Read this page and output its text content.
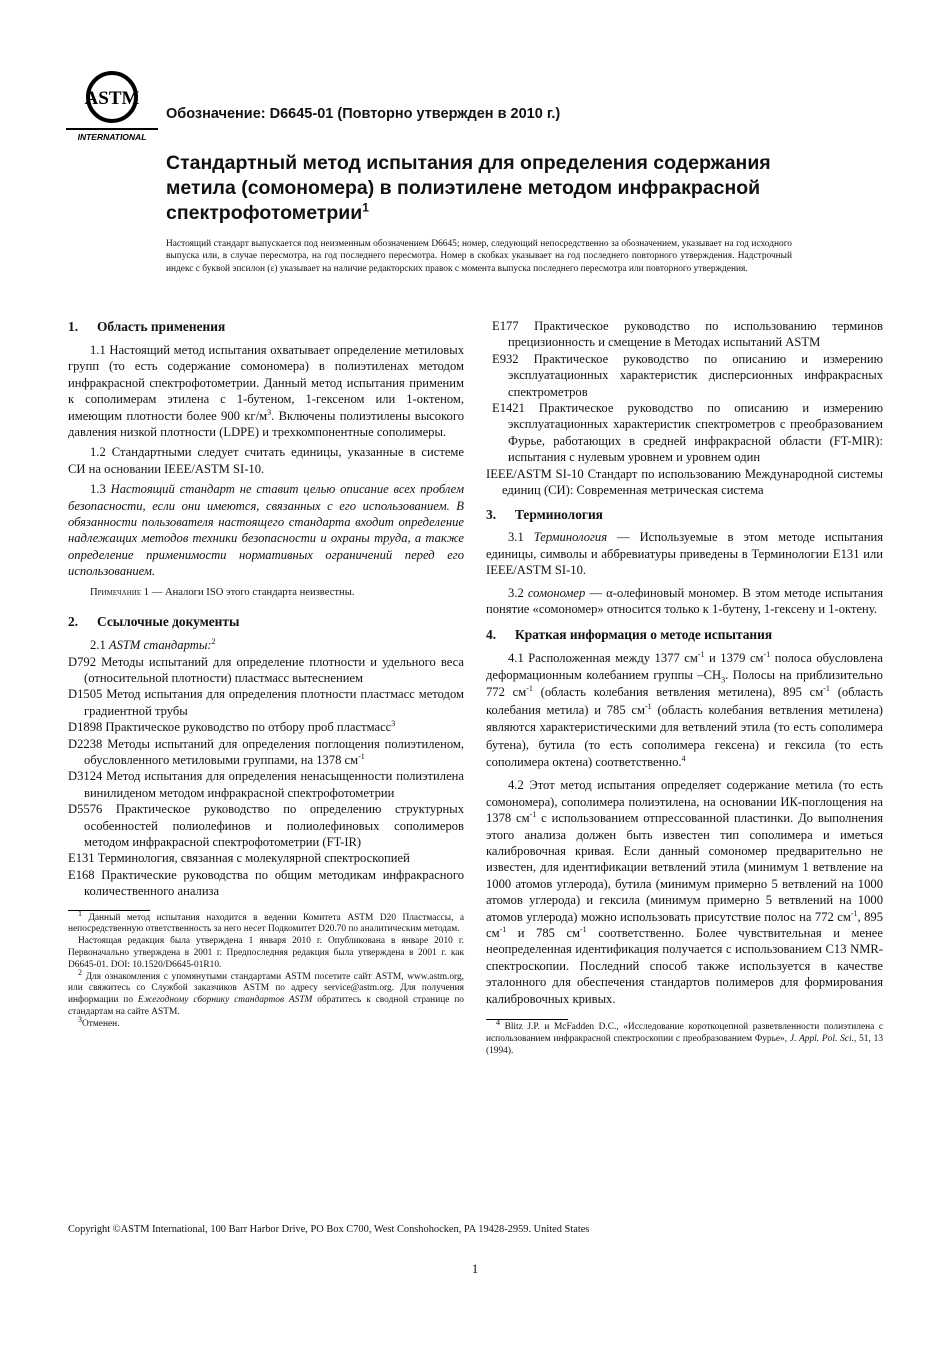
ASTM
INTERNATIONAL
Обозначение: D6645-01 (Повторно утвержден в 2010 г.)
Стандартный метод испытания для определения содержания метила (сомономера) в полиэтилене методом инфракрасной спектрофотометрии$^1$

Настоящий стандарт выпускается под неизменным обозначением D6645; номер, следующий непосредственно за обозначением, указывает на год исходного выпуска или, в случае пересмотра, на год последнего пересмотра. Номер в скобках указывает на год последнего повторного утверждения. Надстрочный индекс с буквой эпсилон (ε) указывает на наличие редакторских правок с момента выпуска последнего пересмотра или повторного утверждения.

1. Область применения

1.1 Настоящий метод испытания охватывает определение метиловых групп (то есть содержание сомономера) в полиэтиленах методом инфракрасной спектрофотометрии. Данный метод испытания применим к сополимерам этилена с 1-бутеном, 1-гексеном или 1-октеном, имеющим плотности более 900 $кг/м^3$. Включены полиэтилены высокого давления низкой плотности (LDPE) и трехкомпонентные сополимеры.

1.2 Стандартными следует считать единицы, указанные в системе СИ на основании IEEE/ASTM SI-10.

1.3 Настоящий стандарт не ставит целью описание всех проблем безопасности, если они имеются, связанных с его использованием. В обязанности пользователя настоящего стандарта входит определение надлежащих методов техники безопасности и охраны труда, а также определение применимости нормативных ограничений перед его использованием.

Примечание 1 — Аналоги ISO этого стандарта неизвестны.

2. Ссылочные документы

2.1 ASTM стандарты:$^2$

D792 Методы испытаний для определение плотности и удельного веса (относительной плотности) пластмасс вытеснением

D1505 Метод испытания для определения плотности пластмасс методом градиентной трубы

D1898 Практическое руководство по отбору проб пластмасс$^3$

D2238 Методы испытаний для определения поглощения полиэтиленом, обусловленного метиловыми группами, на 1378 $см^{-1}$

D3124 Метод испытания для определения ненасыщенности полиэтилена винилиденом методом инфракрасной спектрофотометрии

D5576 Практическое руководство по определению структурных особенностей полиолефинов и полиолефиновых сополимеров методом инфракрасной спектрофотометрии (FT-IR)

E131 Терминология, связанная с молекулярной спектроскопией

E168 Практические руководства по общим методикам инфракрасного количественного анализа

$^1$ Данный метод испытания находится в ведении Комитета ASTM D20 Пластмассы, а непосредственную ответственность за него несет Подкомитет D20.70 по аналитическим методам.

Настоящая редакция была утверждена 1 января 2010 г. Опубликована в январе 2010 г. Первоначально утверждена в 2001 г. Предпоследняя редакция была утверждена в 2001 г. как D6645-01. DOI: 10.1520/D6645-01R10.

$^2$ Для ознакомления с упомянутыми стандартами ASTM посетите сайт ASTM, www.astm.org, или свяжитесь со Службой заказчиков ASTM по адресу service@astm.org. Для получения информации по Ежегодному сборнику стандартов ASTM обратитесь к сводной странице по стандартам на сайте ASTM.

$^3$Отменен.

E177 Практическое руководство по использованию терминов прецизионность и смещение в Методах испытаний ASTM

E932 Практическое руководство по описанию и измерению эксплуатационных характеристик дисперсионных инфракрасных спектрометров

E1421 Практическое руководство по описанию и измерению эксплуатационных характеристик спектрометров с преобразованием Фурье, работающих в средней инфракрасной области (FT-MIR): испытания с нулевым уровнем и уровнем один

IEEE/ASTM SI-10 Стандарт по использованию Международной системы единиц (СИ): Современная метрическая система

3. Терминология

3.1 Терминология — Используемые в этом методе испытания единицы, символы и аббревиатуры приведены в Терминологии E131 или IEEE/ASTM SI-10.

3.2 сомономер — α-олефиновый мономер. В этом методе испытания понятие «сомономер» относится только к 1-бутену, 1-гексену и 1-октену.

4. Краткая информация о методе испытания

4.1 Расположенная между 1377 $см^{-1}$ и 1379 $см^{-1}$ полоса обусловлена деформационным колебанием группы $-CH_3$. Полосы на приблизительно 772 $см^{-1}$ (область колебания ветвления метилена), 895 $см^{-1}$ (область колебания метила) и 785 $см^{-1}$ (область колебания ветвления метилена) являются характеристическими для ветвлений этила (то есть сополимера бутена), бутила (то есть сополимера гексена) и гексила (то есть сополимера октена) соответственно.$^4$

4.2 Этот метод испытания определяет содержание метила (то есть сомономера), сополимера полиэтилена, на основании ИК-поглощения на 1378 $см^{-1}$ с использованием отпрессованной пластинки. До выполнения этого анализа должен быть известен тип сополимера и иметься калибровочная кривая. Если данный сомономер предварительно не известен, для идентификации ветвлений этила (минимум 1 ветвление на 1000 атомов углерода), бутила (минимум примерно 5 ветвлений на 1000 атомов углерода) и гексила (минимум примерно 5 ветвлений на 1000 атомов углерода) можно использовать присутствие полос на 772 $см^{-1}$, 895 $см^{-1}$ и 785 $см^{-1}$ соответственно. Более чувствительная и менее неопределенная идентификация получается с использованием C13 NMR-спектроскопии. Последний способ также используется в качестве эталонного для обеспечения стандартов полимеров для формирования калибровочных кривых.

$^4$ Blitz J.P. и McFadden D.C., «Исследование короткоцепной разветвленности полиэтилена с использованием инфракрасной спектроскопии с преобразованием Фурье», J. Appl. Pol. Sci., 51, 13 (1994).

Copyright ©ASTM International, 100 Barr Harbor Drive, PO Box C700, West Conshohocken, PA 19428-2959. United States
1
